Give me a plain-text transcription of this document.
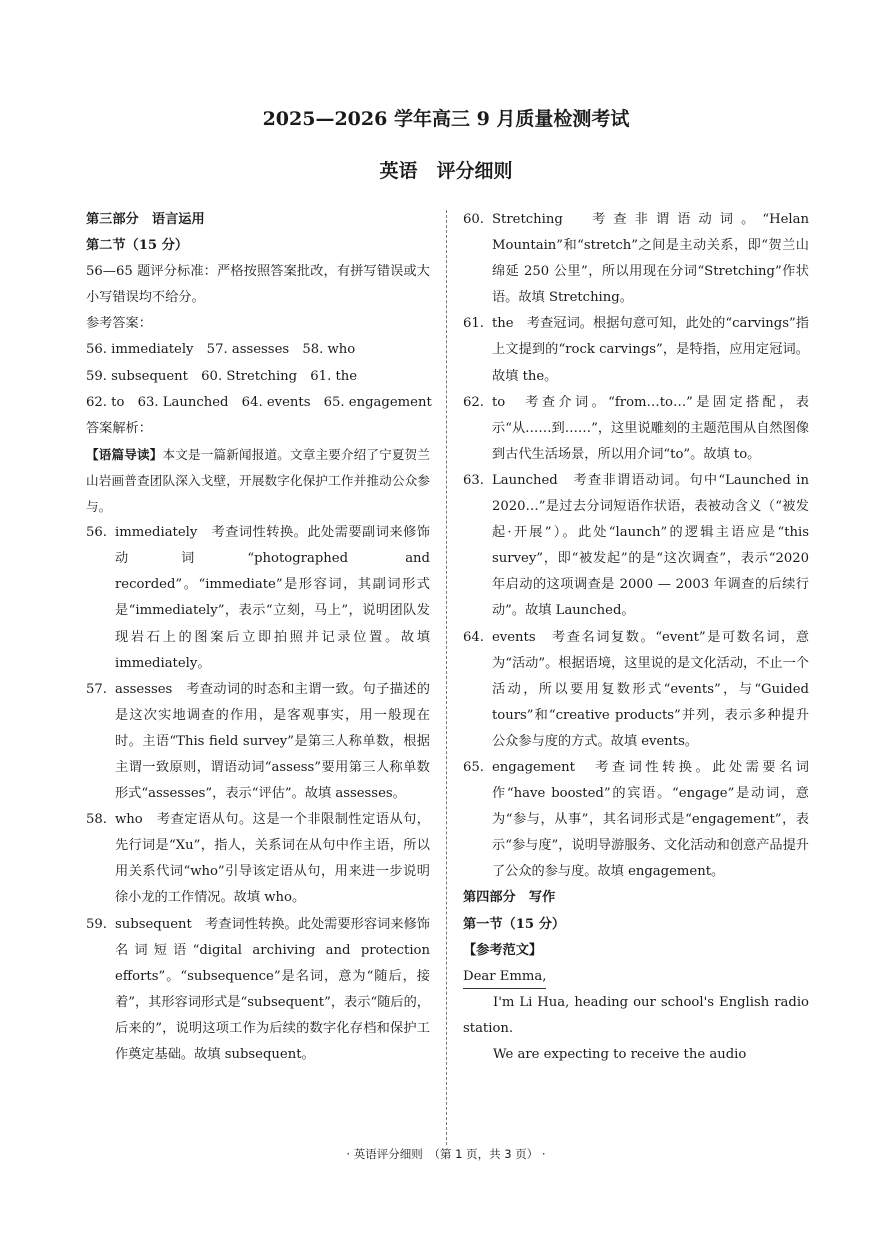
2025—2026 学年高三 9 月质量检测考试
英语　评分细则

第三部分　语言运用

第二节（15 分）

56—65 题评分标准：严格按照答案批改，有拼写错误或大小写错误均不给分。

参考答案：

56. immediately　57. assesses　58. who

59. subsequent　60. Stretching　61. the

62. to　63. Launched　64. events　65. engagement

答案解析：

【语篇导读】本文是一篇新闻报道。文章主要介绍了宁夏贺兰山岩画普查团队深入戈壁，开展数字化保护工作并推动公众参与。

56. immediately　考查词性转换。此处需要副词来修饰动词“photographed and recorded”。“immediate”是形容词，其副词形式是“immediately”，表示“立刻，马上”，说明团队发现岩石上的图案后立即拍照并记录位置。故填 immediately。
57. assesses　考查动词的时态和主谓一致。句子描述的是这次实地调查的作用，是客观事实，用一般现在时。主语“This field survey”是第三人称单数，根据主谓一致原则，谓语动词“assess”要用第三人称单数形式“assesses”，表示“评估”。故填 assesses。
58. who　考查定语从句。这是一个非限制性定语从句，先行词是“Xu”，指人，关系词在从句中作主语，所以用关系代词“who”引导该定语从句，用来进一步说明徐小龙的工作情况。故填 who。
59. subsequent　考查词性转换。此处需要形容词来修饰名词短语“digital archiving and protection efforts”。“subsequence”是名词，意为“随后，接着”，其形容词形式是“subsequent”，表示“随后的，后来的”，说明这项工作为后续的数字化存档和保护工作奠定基础。故填 subsequent。
60. Stretching　考查非谓语动词。“Helan Mountain”和“stretch”之间是主动关系，即“贺兰山绵延 250 公里”，所以用现在分词“Stretching”作状语。故填 Stretching。
61. the　考查冠词。根据句意可知，此处的“carvings”指上文提到的“rock carvings”，是特指，应用定冠词。故填 the。
62. to　考查介词。“from…to…”是固定搭配，表示“从……到……”，这里说雕刻的主题范围从自然图像到古代生活场景，所以用介词“to”。故填 to。
63. Launched　考查非谓语动词。句中“Launched in 2020…”是过去分词短语作状语，表被动含义（“被发起·开展”）。此处“launch”的逻辑主语应是“this survey”，即“被发起”的是“这次调查”，表示“2020 年启动的这项调查是 2000 — 2003 年调查的后续行动”。故填 Launched。
64. events　考查名词复数。“event”是可数名词，意为“活动”。根据语境，这里说的是文化活动，不止一个活动，所以要用复数形式“events”，与“Guided tours”和“creative products”并列，表示多种提升公众参与度的方式。故填 events。
65. engagement　考查词性转换。此处需要名词作“have boosted”的宾语。“engage”是动词，意为“参与，从事”，其名词形式是“engagement”，表示“参与度”，说明导游服务、文化活动和创意产品提升了公众的参与度。故填 engagement。

第四部分　写作

第一节（15 分）

【参考范文】

Dear Emma,

I'm Li Hua, heading our school's English radio station.

We are expecting to receive the audio

· 英语评分细则　（第 1 页，共 3 页） ·
